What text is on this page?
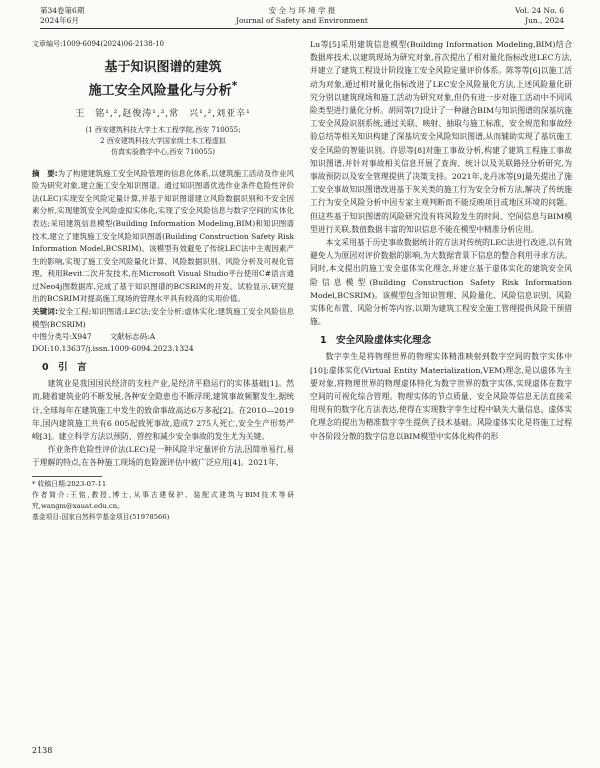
第34卷第6期
2024年6月
安 全 与 环 境 学 报
Journal of Safety and Environment
Vol. 24 No. 6
Jun., 2024
文章编号:1009-6094(2024)06-2138-10
基于知识图谱的建筑
施工安全风险量化与分析*
王　铭¹,²,赵俊涛¹,²,常　兴¹,²,刘亚辛¹
(1 西安建筑科技大学土木工程学院,西安 710055;
2 西安建筑科技大学国家级土木工程虚拟
仿真实验教学中心,西安 710055)
摘　要:为了构建建筑施工安全风险管理的信息化体系,以建筑施工活动及作业风险为研究对象,建立施工安全知识图谱。通过知识图谱优选作业条件危险性评价法(LEC)实现安全风险定量计算,并基于知识图谱建立风险数据识别和不安全因素分析,实现建筑安全风险虚拟实体化,实现了安全风险信息与数字空间的实体化表达;采用建筑信息模型(Building Information Modeling,BIM)和知识图谱技术,建立了建筑施工安全风险知识图谱(Building Construction Safety Risk Information Model,BCSRIM)。该模型有效避免了传统LEC法中主观因素产生的影响,实现了施工安全风险量化计算、风险数据识别、风险分析及可视化管理。利用Revit二次开发技术,在Microsoft Visual Studio平台使用C#语言通过Neo4j图数据库,完成了基于知识图谱的BCSRIM的开发。试验显示,研究提出的BCSRIM对提高施工现场的管理水平具有较高的实用价值。
关键词:安全工程;知识图谱;LEC法;安全分析;虚体实化;建筑施工安全风险信息模型(BCSRIM)
中图分类号:X947 文献标志码:A
DOI:10.13637/j.issn.1009-6094.2023.1324
0　引　言
建筑业是我国国民经济的支柱产业,是经济平稳运行的实体基础[1]。然而,随着建筑业的不断发展,各种安全隐患也不断浮现,建筑事故频繁发生,据统计,全球每年在建筑施工中发生的致命事故高达6万多起[2]。在2010—2019年,国内建筑施工共有6 005起致死事故,造成7 275人死亡,安全生产形势严峻[3]。建立科学方法以预防、管控和减少安全事故的发生尤为关键。
作业条件危险性评价法(LEC)是一种风险半定量评价方法,因简单易行,易于理解的特点,在各种施工现场的危险源评估中被广泛应用[4]。2021年,
* 收稿日期:2023-07-11
作者简介:王铭,教授,博士,从事古建保护、装配式建筑与BIM技术等研究,wangm@xauat.edu.cn。
基金项目:国家自然科学基金项目(51978566)
Lu等[5]采用建筑信息模型(Building Information Modeling,BIM)结合数据库技术,以建筑现场为研究对象,首次提出了相对量化指标改进LEC方法,并建立了建筑工程设计阶段施工安全风险定量评价体系。陈等等[6]以施工活动为对象,通过相对量化指标改进了LEC安全风险量化方法,上述风险量化研究分别以建筑现场和施工活动为研究对象,但仍有进一步对施工活动中不同风险类型进行量化分析。胡同等[7]设计了一种融合BIM与知识图谱的深基坑施工安全风险识别系统,通过关联、映射、抽取与施工标准、安全规范和事故经验总结等相关知识构建了深基坑安全风险知识图谱,从而辅助实现了基坑施工安全风险的智能识别。许思等[8]对施工事故分析,构建了建筑工程施工事故知识图谱,并针对事故相关信息开展了查询、统计以及关联路径分析研究,为事故预防以及安全管理提供了决策支持。2021年,龙丹冰等[9]最先提出了施工安全事故知识图谱改进基于灰关类的施工行为安全分析方法,解决了传统施工行为安全风险分析中因专家主观判断而不能反映项目或地区环境的问题。但这些基于知识图谱的风险研究没有将风险发生的时间、空间信息与BIM模型进行关联,数值数据丰富的知识信息不能在模型中精准分析应用。
本文采用基于历史事故数据统计的方法对传统的LEC法进行改进,以有效避免人为原因对评价数据的影响,为大数据背景下信息的整合利用寻求方法。同时,本文提出的施工安全虚体实化理念,并建立基于虚体实化的建筑安全风险信息模型(Building Construction Safety Risk Information Model,BCSRIM)。该模型包含知识管理、风险量化、风险信息识别、风险实体化布置、风险分析等内容,以期为建筑工程安全施工管理提供风险干预措施。
1　安全风险虚体实化理念
数字孪生是将物理世界的物理实体精准映射到数字空间的数字实体中[10];虚体实化(Virtual Entity Materialization,VEM)理念,是以虚体为主要对象,将物理世界的物理虚体特化为数字世界的数字实体,实现虚体在数字空间的可视化综合管理。物理实体的节点质量、安全风险等信息无法直接采用现有的数字化方法表达,使得在实现数字孪生过程中缺失大量信息。虚体实化理念的提出为精准数字孪生提供了技术基础。风险虚体实化是将施工过程中各阶段分散的数字信息以BIM模型中实体化构件的形
2138
